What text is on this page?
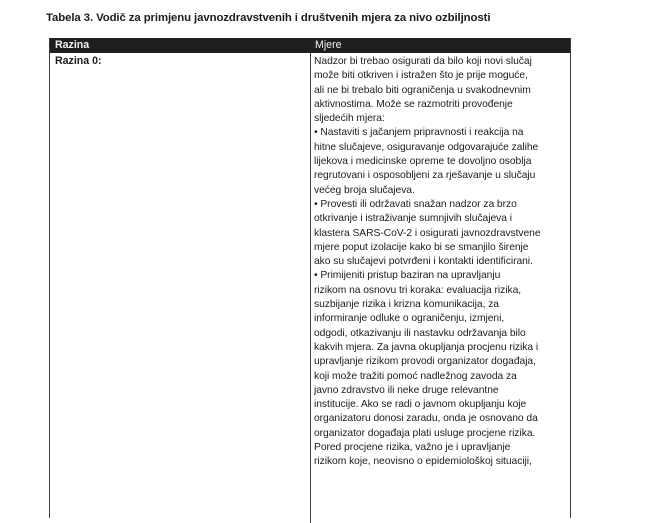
Tabela 3. Vodič za primjenu javnozdravstvenih i društvenih mjera za nivo ozbiljnosti
Razina	Mjere
Razina 0:	Nadzor bi trebao osigurati da bilo koji novi slučaj
može biti otkriven i istražen što je prije moguće,
ali ne bi trebalo biti ograničenja u svakodnevnim
aktivnostima. Može se razmotriti provođenje
sljedećih mjera:
• Nastaviti s jačanjem pripravnosti i reakcija na
hitne slučajeve, osiguravanje odgovarajuće zalihe
lijekova i medicinske opreme te dovoljno osoblja
regrutovani i osposobljeni za rješavanje u slučaju
većeg broja slučajeva.
• Provesti ili održavati snažan nadzor za brzo
otkrivanje i istraživanje sumnjivih slučajeva i
klastera SARS-CoV-2 i osigurati javnozdravstvene
mjere poput izolacije kako bi se smanjilo širenje
ako su slučajevi potvrđeni i kontakti identificirani.
• Primijeniti pristup baziran na upravljanju
rizikom na osnovu tri koraka: evaluacija rizika,
suzbijanje rizika i krizna komunikacija, za
informiranje odluke o ograničenju, izmjeni,
odgodi, otkazivanju ili nastavku održavanja bilo
kakvih mjera. Za javna okupljanja procjenu rizika i
upravljanje rizikom provodi organizator događaja,
koji može tražiti pomoć nadležnog zavoda za
javno zdravstvo ili neke druge relevantne
institucije. Ako se radi o javnom okupljanju koje
organizatoru donosi zaradu, onda je osnovano da
organizator događaja plati usluge procjene rizika.
Pored procjene rizika, važno je i upravljanje
rizikom koje, neovisno o epidemiološkoj situaciji,
